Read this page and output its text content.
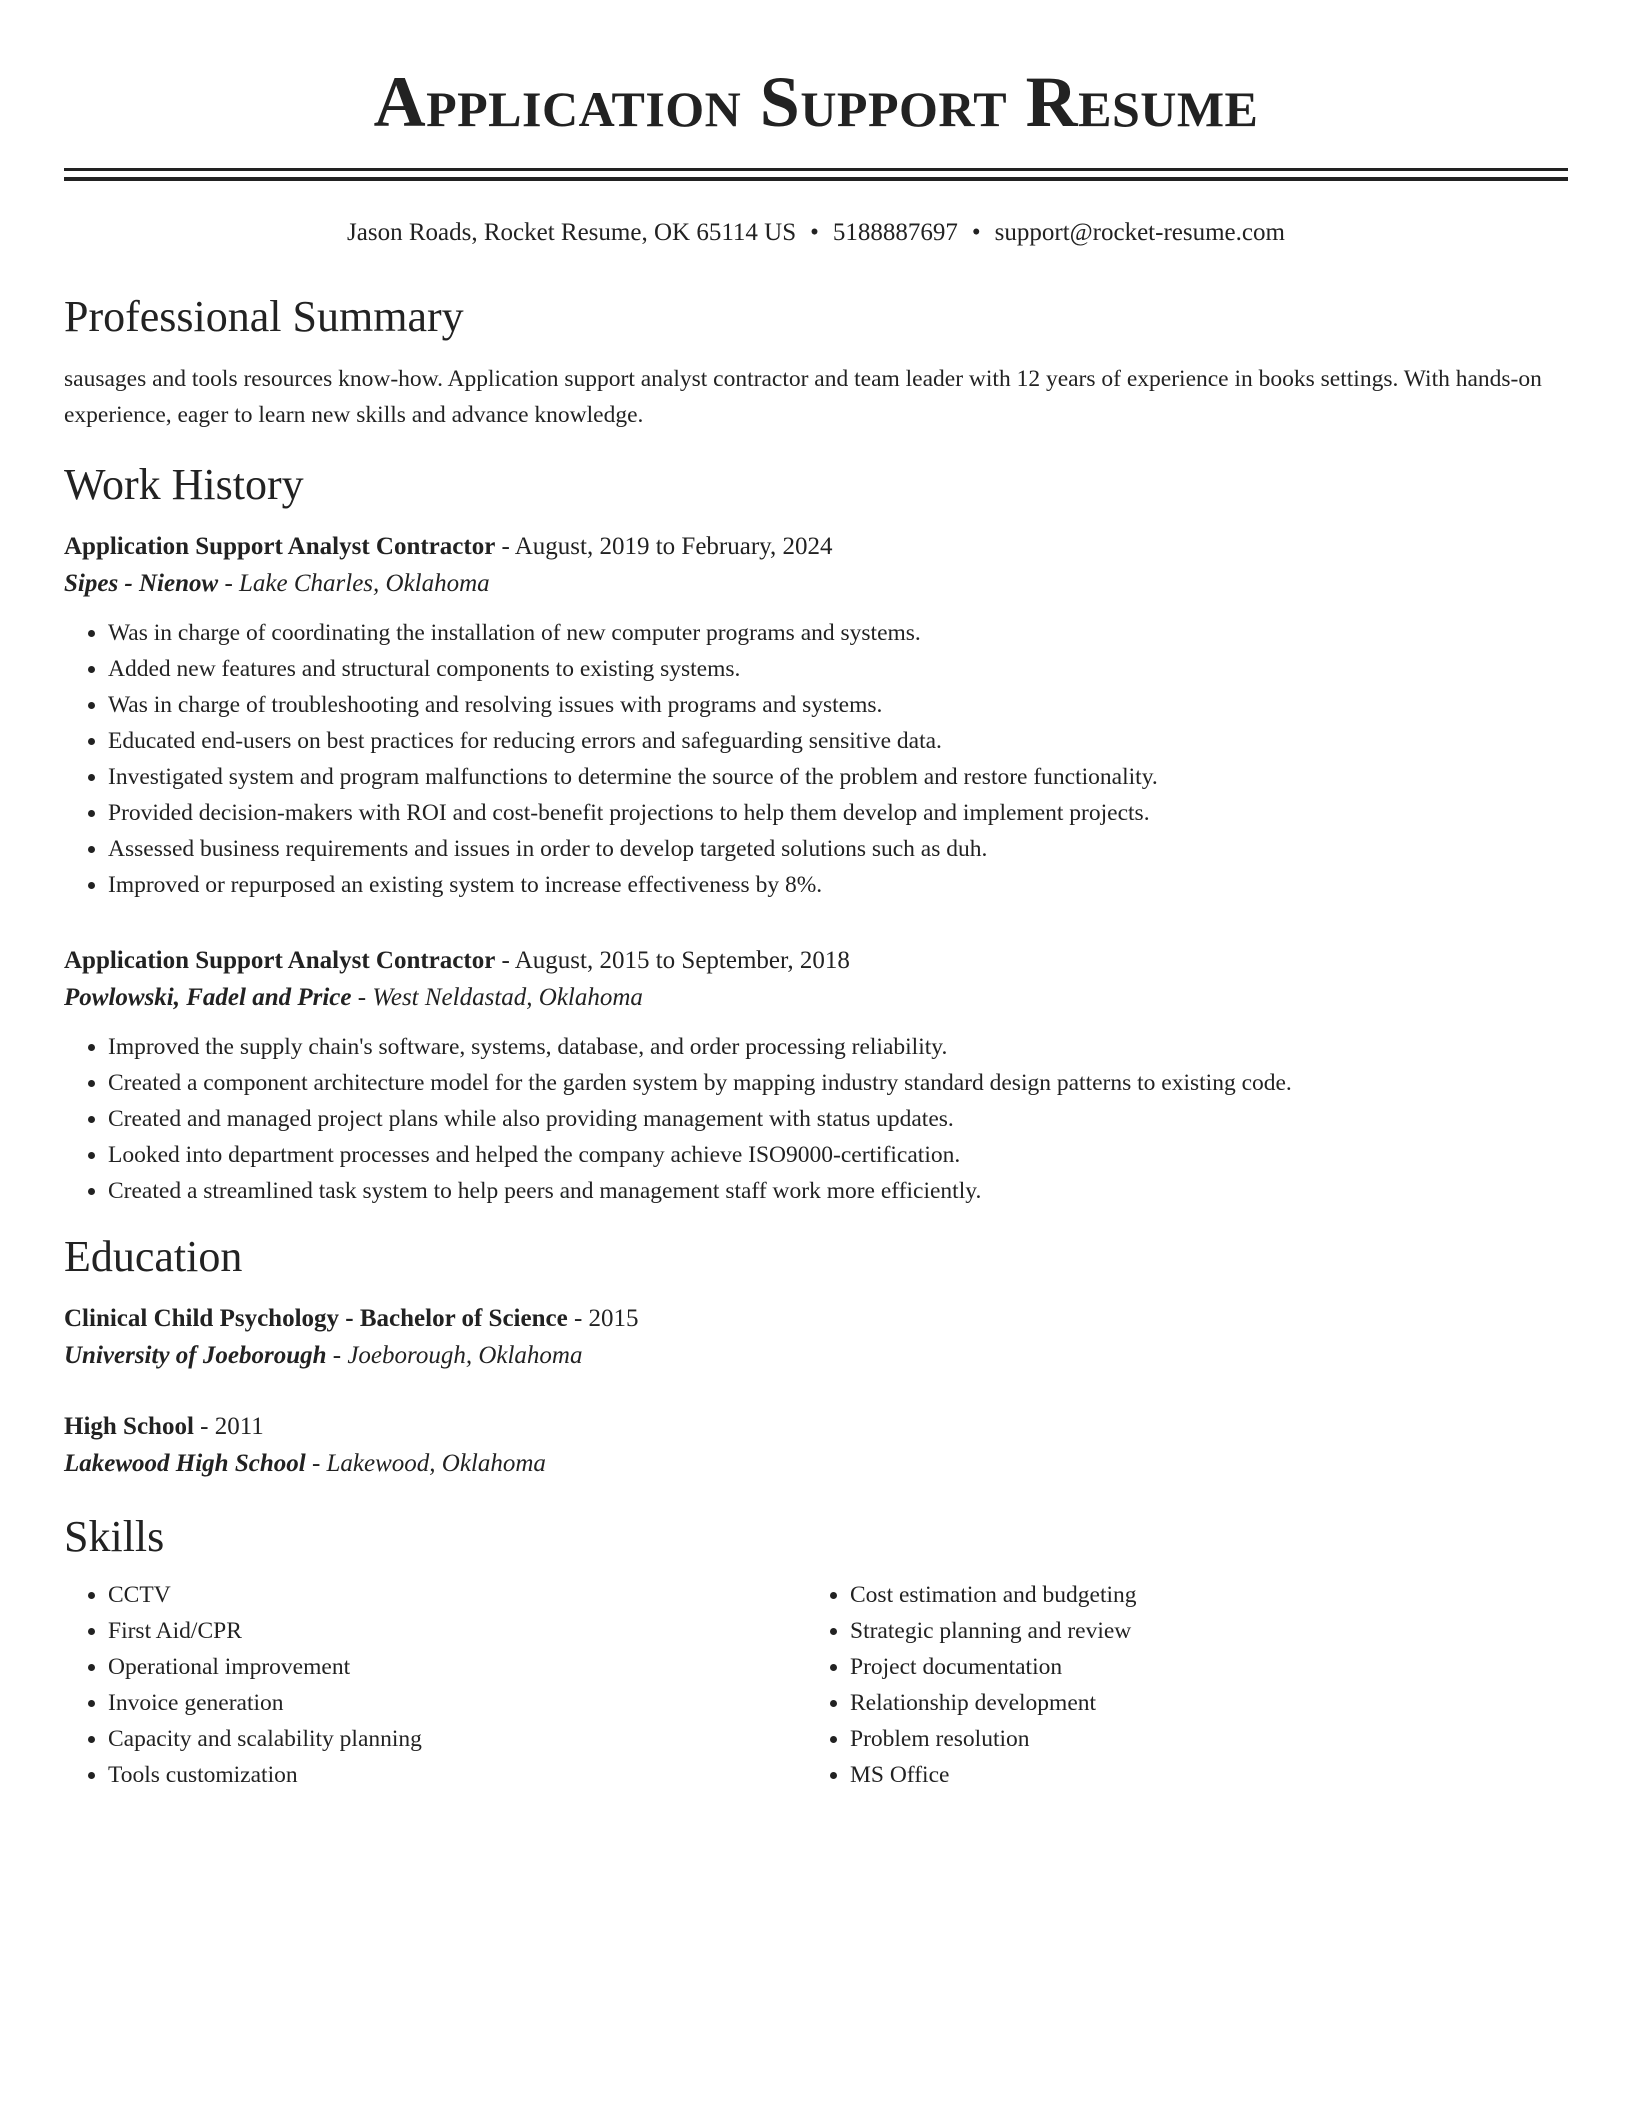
Application Support Resume
Jason Roads, Rocket Resume, OK 65114 US • 5188887697 • support@rocket-resume.com
Professional Summary

sausages and tools resources know-how. Application support analyst contractor and team leader with 12 years of experience in books settings. With hands-on experience, eager to learn new skills and advance knowledge.

Work History
Application Support Analyst Contractor - August, 2019 to February, 2024
Sipes - Nienow - Lake Charles, Oklahoma
• Was in charge of coordinating the installation of new computer programs and systems.
• Added new features and structural components to existing systems.
• Was in charge of troubleshooting and resolving issues with programs and systems.
• Educated end-users on best practices for reducing errors and safeguarding sensitive data.
• Investigated system and program malfunctions to determine the source of the problem and restore functionality.
• Provided decision-makers with ROI and cost-benefit projections to help them develop and implement projects.
• Assessed business requirements and issues in order to develop targeted solutions such as duh.
• Improved or repurposed an existing system to increase effectiveness by 8%.
Application Support Analyst Contractor - August, 2015 to September, 2018
Powlowski, Fadel and Price - West Neldastad, Oklahoma
• Improved the supply chain's software, systems, database, and order processing reliability.
• Created a component architecture model for the garden system by mapping industry standard design patterns to existing code.
• Created and managed project plans while also providing management with status updates.
• Looked into department processes and helped the company achieve ISO9000-certification.
• Created a streamlined task system to help peers and management staff work more efficiently.
Education
Clinical Child Psychology - Bachelor of Science - 2015
University of Joeborough - Joeborough, Oklahoma
High School - 2011
Lakewood High School - Lakewood, Oklahoma
Skills
• CCTV
• First Aid/CPR
• Operational improvement
• Invoice generation
• Capacity and scalability planning
• Tools customization
• Cost estimation and budgeting
• Strategic planning and review
• Project documentation
• Relationship development
• Problem resolution
• MS Office
